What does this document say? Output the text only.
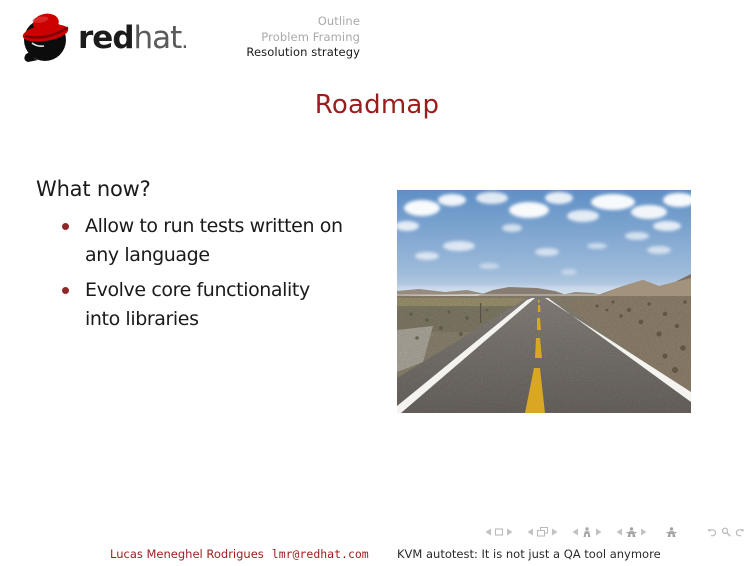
redhat.
Outline
Problem Framing
Resolution strategy
Roadmap
What now?
Allow to run tests written on
any language
Evolve core functionality
into libraries
Lucas Meneghel Rodrigues lmr@redhat.com KVM autotest: It is not just a QA tool anymore
